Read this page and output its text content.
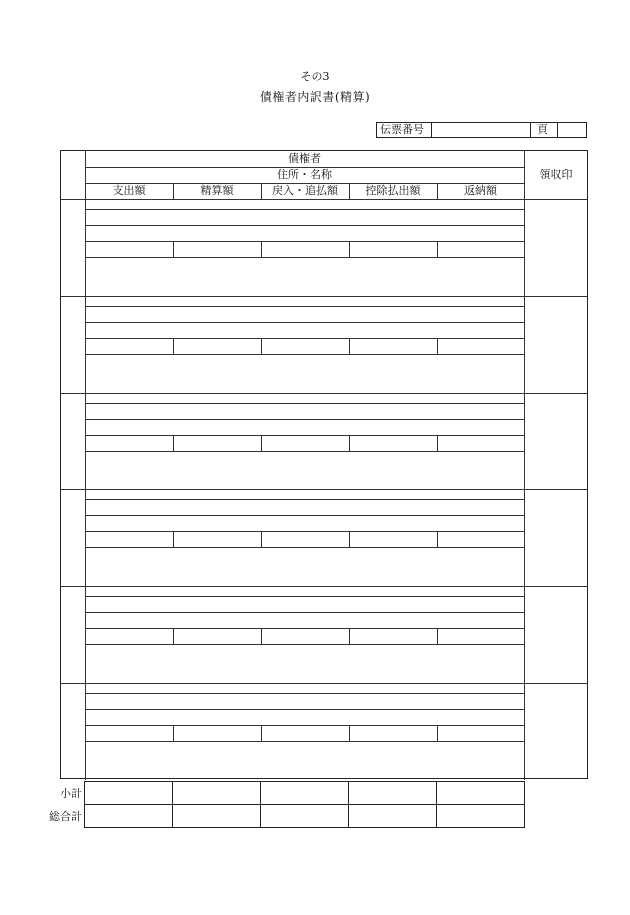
その3
債権者内訳書(精算)
伝票番号	頁
債権者
住所・名称	領収印
支出額	精算額	戻入・追払額	控除払出額	返納額
小計
総合計
